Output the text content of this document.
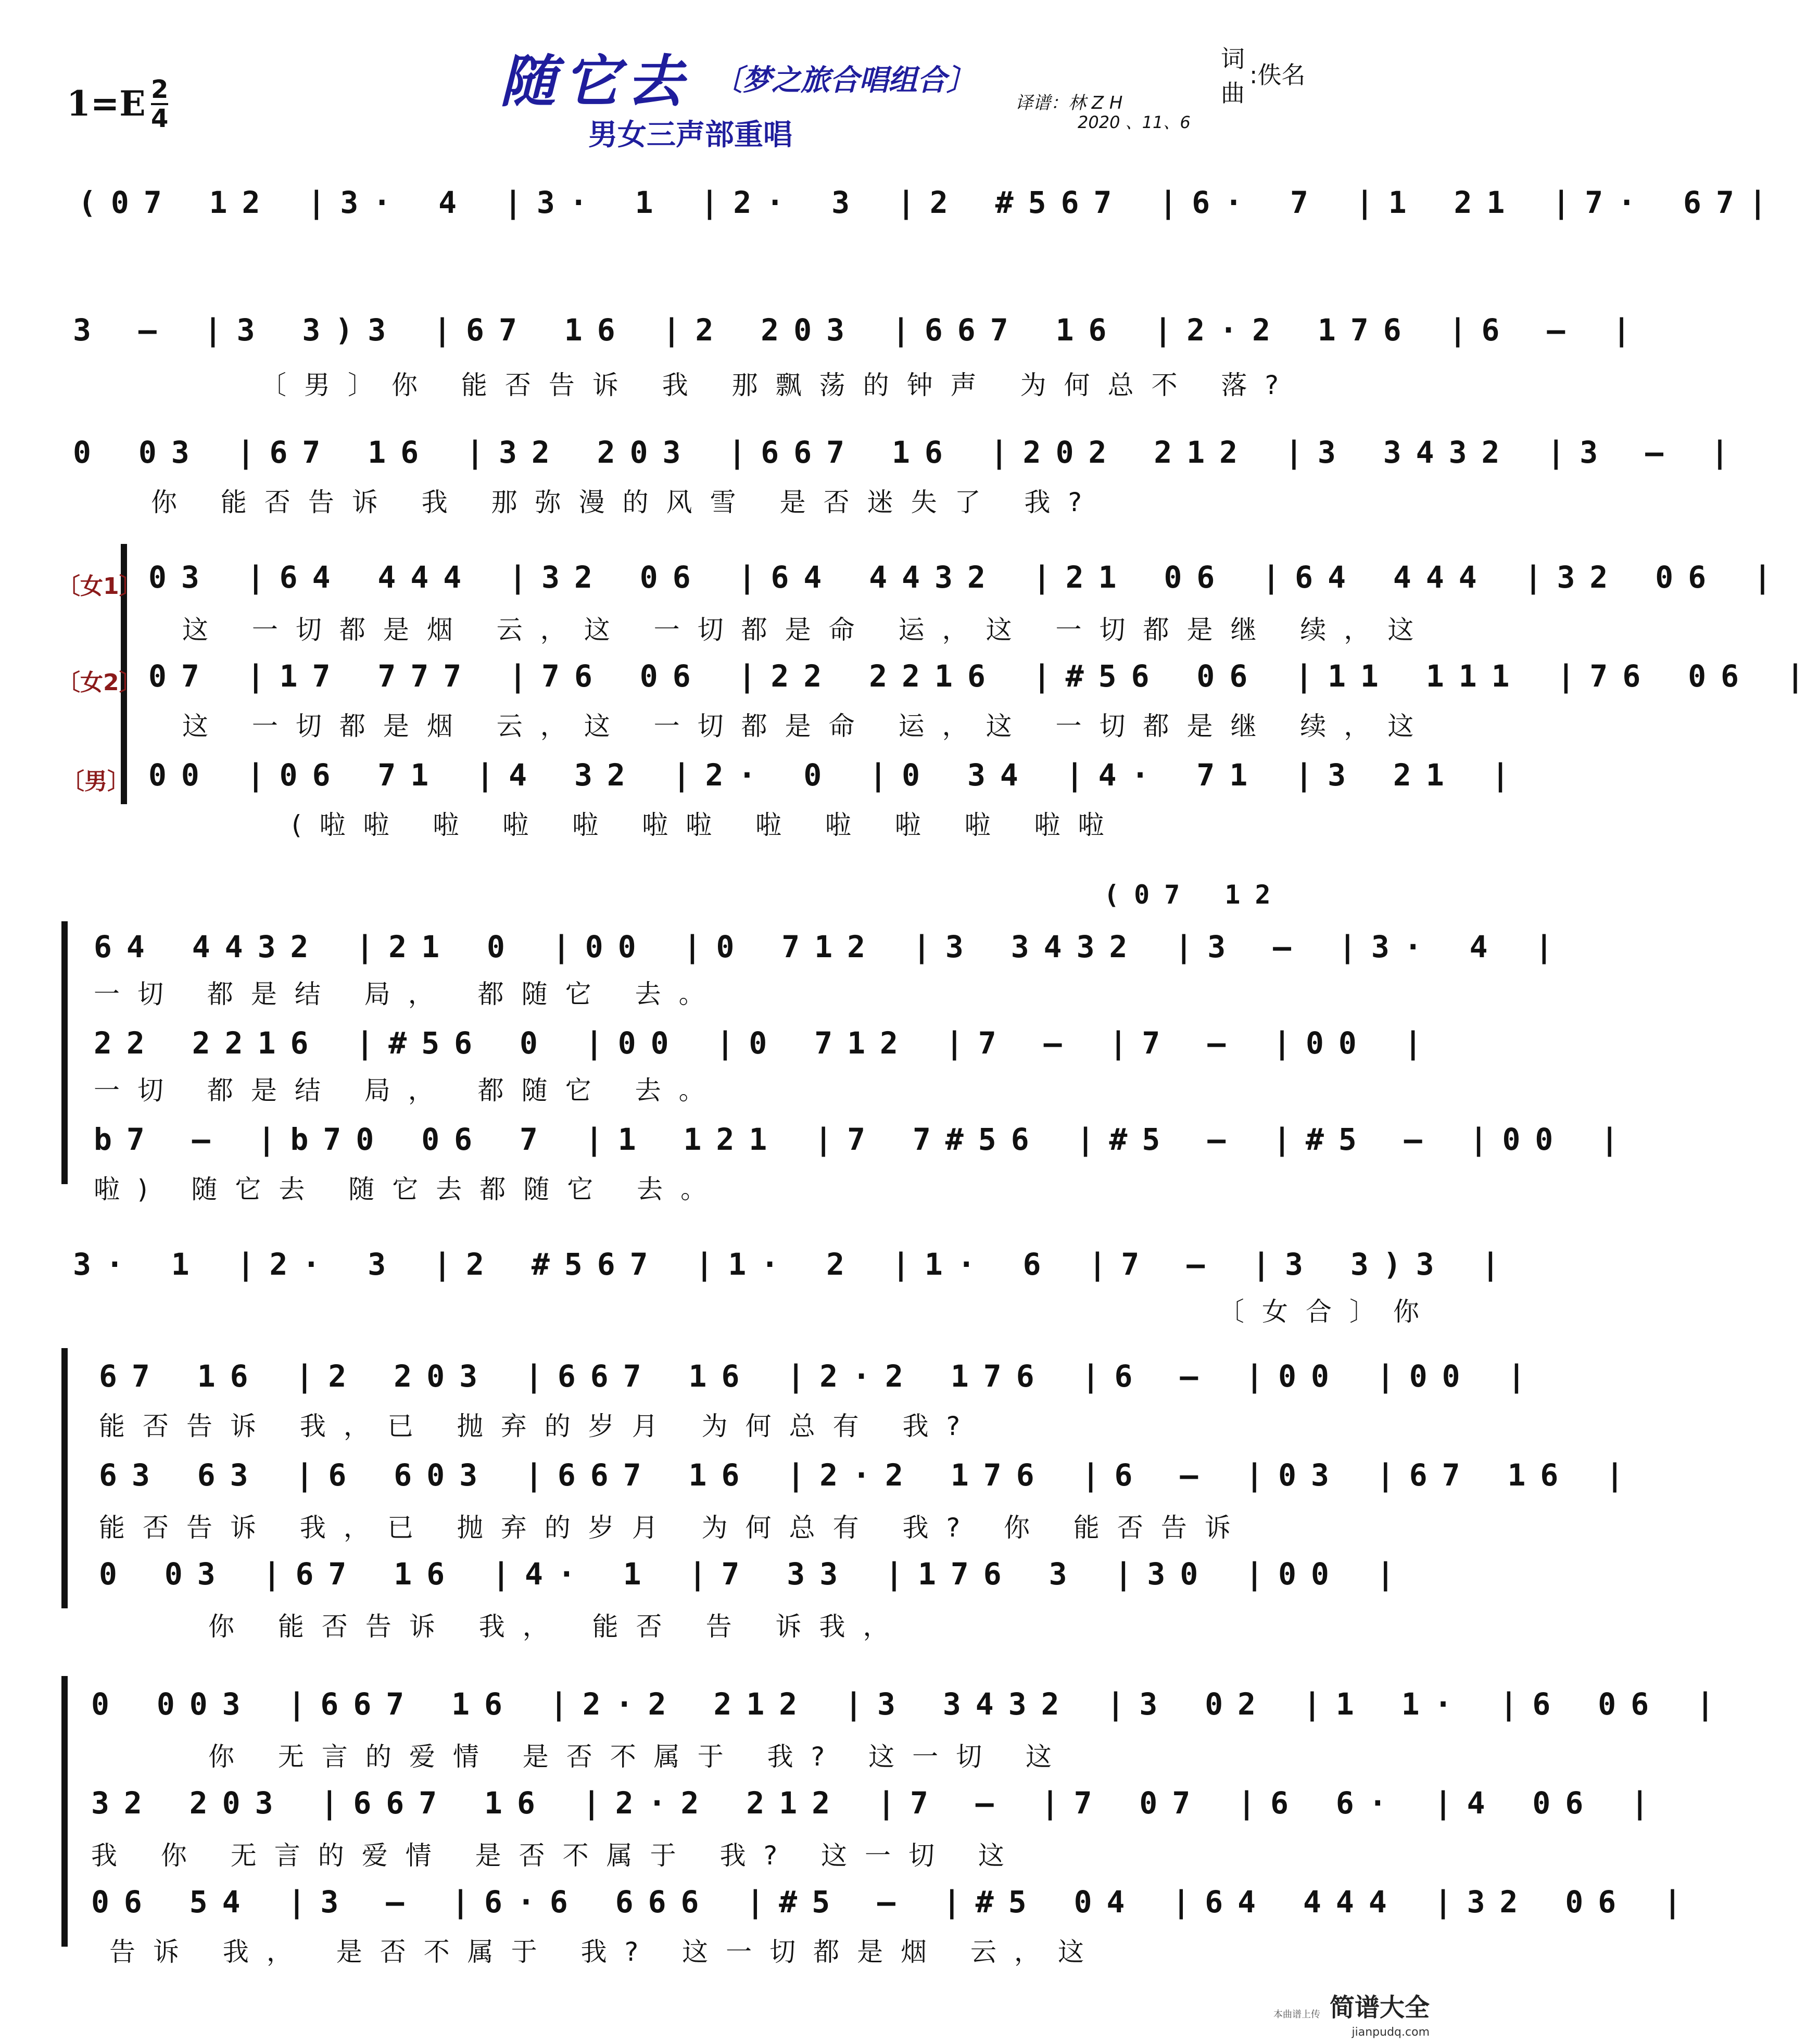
随它去 〔梦之旅合唱组合〕
男女三声部重唱
1=E 2
4
译谱：林 Z H
2020 、11、6
词
曲
:佚名
(07 12 |3· 4 |3· 1 |2· 3 |2 #567 |6· 7 |1 21 |7· 67|
3 – |3 3)3 |67 16 |2 203 |667 16 |2·2 176 |6 – |
〔男〕你 能否告诉 我 那飘荡的钟声 为何总不 落?
0 03 |67 16 |32 203 |667 16 |202 212 |3 3432 |3 – |
你 能否告诉 我 那弥漫的风雪 是否迷失了 我?
〔女1〕
〔女2〕
〔男〕
03 |64 444 |32 06 |64 4432 |21 06 |64 444 |32 06 |
这 一切都是烟 云，这 一切都是命 运，这 一切都是继 续，这
07 |17 777 |76 06 |22 2216 |#56 06 |11 111 |76 06 |
这 一切都是烟 云，这 一切都是命 运，这 一切都是继 续，这
00 |06 71 |4 32 |2· 0 |0 34 |4· 71 |3 21 |
(啦啦 啦 啦 啦 啦啦 啦 啦 啦 啦 啦啦
(07 12
64 4432 |21 0 |00 |0 712 |3 3432 |3 – |3· 4 |
一切 都是结 局， 都随它 去。
22 2216 |#56 0 |00 |0 712 |7 – |7 – |00 |
一切 都是结 局， 都随它 去。
b7 – |b70 06 7 |1 121 |7 7#56 |#5 – |#5 – |00 |
啦) 随它去 随它去都随它 去。
3· 1 |2· 3 |2 #567 |1· 2 |1· 6 |7 – |3 3)3 |
〔女合〕你
67 16 |2 203 |667 16 |2·2 176 |6 – |00 |00 |
能否告诉 我，已 抛弃的岁月 为何总有 我?
63 63 |6 603 |667 16 |2·2 176 |6 – |03 |67 16 |
能否告诉 我，已 抛弃的岁月 为何总有 我? 你 能否告诉
0 03 |67 16 |4· 1 |7 33 |176 3 |30 |00 |
你 能否告诉 我， 能否 告 诉我，
0 003 |667 16 |2·2 212 |3 3432 |3 02 |1 1· |6 06 |
你 无言的爱情 是否不属于 我? 这一切 这
32 203 |667 16 |2·2 212 |7 – |7 07 |6 6· |4 06 |
我 你 无言的爱情 是否不属于 我? 这一切 这
06 54 |3 – |6·6 666 |#5 – |#5 04 |64 444 |32 06 |
告诉 我， 是否不属于 我? 这一切都是烟 云，这
本曲谱上传 简谱大全
jianpudq.com
